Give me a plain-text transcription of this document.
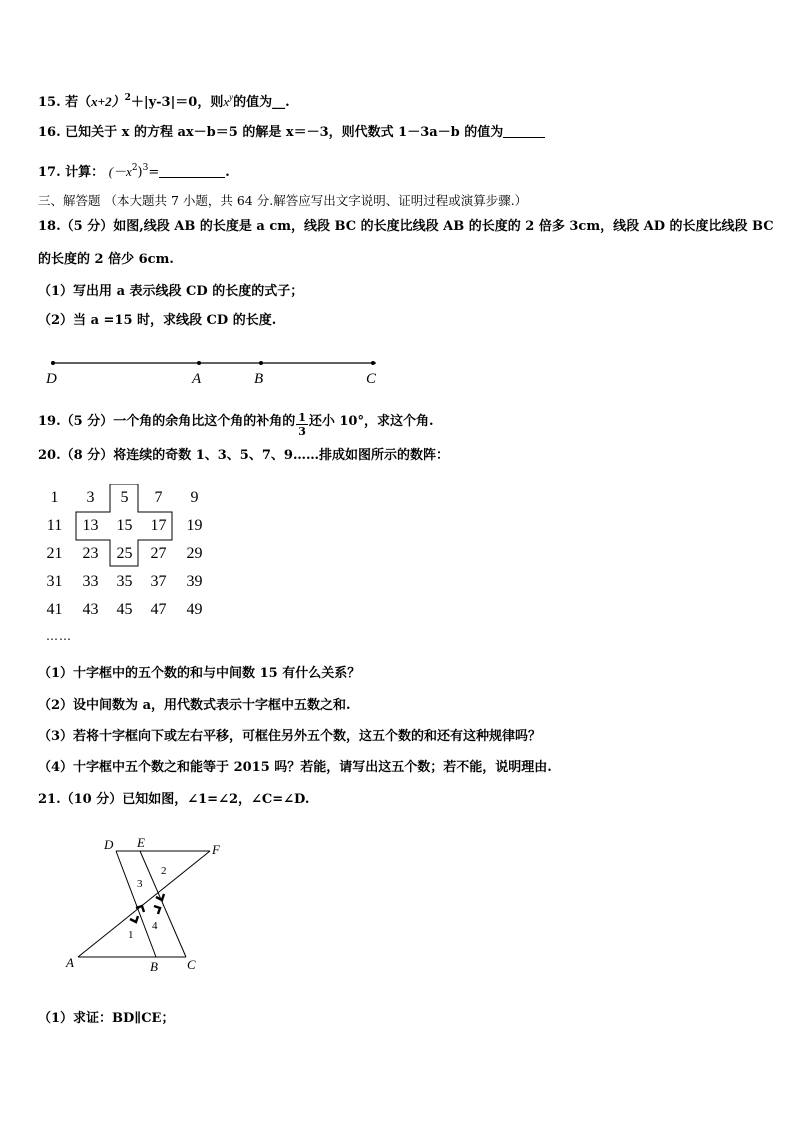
15. 若$(x+2)^2+|y-3|=0$，则$x^y$的值为__.
16. 已知关于 x 的方程 ax－b＝5 的解是 x＝－3，则代数式 1－3a－b 的值为
17. 计算： $(-x^2)^3=$	.
三、解答题 （本大题共 7 小题，共 64 分.解答应写出文字说明、证明过程或演算步骤.）
18.（5 分）如图,线段 AB 的长度是 a cm，线段 BC 的长度比线段 AB 的长度的 2 倍多 3cm，线段 AD 的长度比线段 BC
的长度的 2 倍少 6cm.
（1）写出用 a 表示线段 CD 的长度的式子；
（2）当 a =15 时，求线段 CD 的长度.
D	A	B	C
19.（5 分）一个角的余角比这个角的补角的 $\frac{1}{3}$ 还小 10°，求这个角.
20.（8 分）将连续的奇数 1、3、5、7、9……排成如图所示的数阵：
1	3	5	7	9
11	13	15	17	19
21	23	25	27	29
31	33	35	37	39
41	43	45	47	49
……
（1）十字框中的五个数的和与中间数 15 有什么关系？
（2）设中间数为 a，用代数式表示十字框中五数之和.
（3）若将十字框向下或左右平移，可框住另外五个数，这五个数的和还有这种规律吗？
（4）十字框中五个数之和能等于 2015 吗？若能，请写出这五个数；若不能，说明理由.
21.（10 分）已知如图，∠1=∠2，∠C=∠D.
D E	F
A	B C
1
2
3
4
（1）求证：BD∥CE；
